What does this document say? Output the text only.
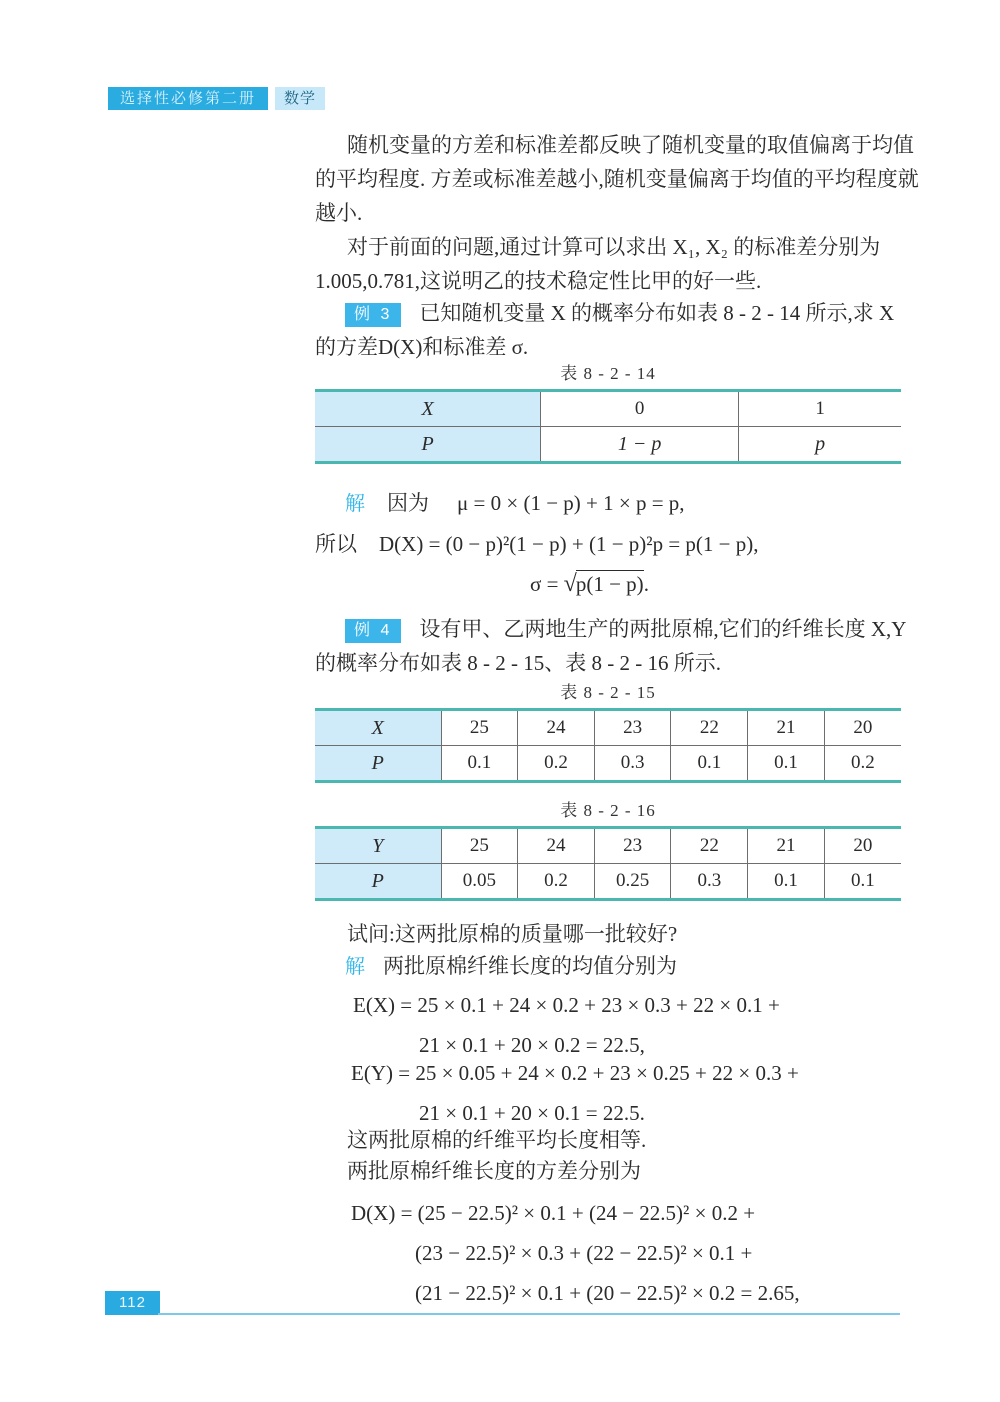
选择性必修第二册	数学
随机变量的方差和标准差都反映了随机变量的取值偏离于均值
的平均程度. 方差或标准差越小,随机变量偏离于均值的平均程度就
越小.
对于前面的问题,通过计算可以求出 X₁, X₂ 的标准差分别为
1.005,0.781,这说明乙的技术稳定性比甲的好一些.
例 3 已知随机变量 X 的概率分布如表 8 - 2 - 14 所示,求 X
的方差D(X)和标准差 σ.
表 8 - 2 - 14
X	0	1
P	1 − p	p
解 因为 μ = 0 × (1 − p) + 1 × p = p,
所以 D(X) = (0 − p)²(1 − p) + (1 − p)²p = p(1 − p),
σ = √p(1 − p).
例 4 设有甲、乙两地生产的两批原棉,它们的纤维长度 X,Y
的概率分布如表 8 - 2 - 15、表 8 - 2 - 16 所示.
表 8 - 2 - 15
X	25	24	23	22	21	20
P	0.1	0.2	0.3	0.1	0.1	0.2
表 8 - 2 - 16
Y	25	24	23	22	21	20
P	0.05	0.2	0.25	0.3	0.1	0.1
试问:这两批原棉的质量哪一批较好?
解 两批原棉纤维长度的均值分别为
E(X) = 25 × 0.1 + 24 × 0.2 + 23 × 0.3 + 22 × 0.1 +
21 × 0.1 + 20 × 0.2 = 22.5,
E(Y) = 25 × 0.05 + 24 × 0.2 + 23 × 0.25 + 22 × 0.3 +
21 × 0.1 + 20 × 0.1 = 22.5.
这两批原棉的纤维平均长度相等.
两批原棉纤维长度的方差分别为
D(X) = (25 − 22.5)² × 0.1 + (24 − 22.5)² × 0.2 +
(23 − 22.5)² × 0.3 + (22 − 22.5)² × 0.1 +
(21 − 22.5)² × 0.1 + (20 − 22.5)² × 0.2 = 2.65,
112
